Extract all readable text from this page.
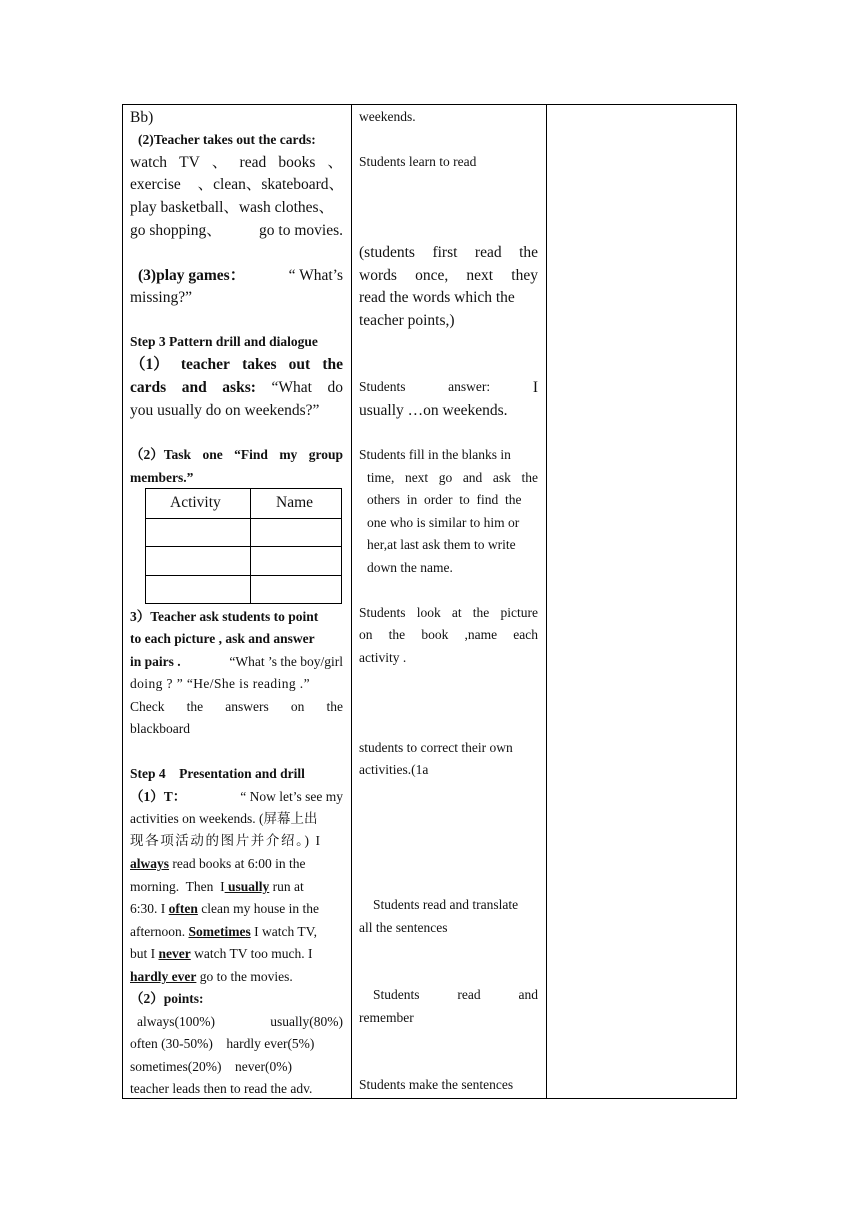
Bb)
(2)Teacher takes out the cards:
watch TV 、 read books 、
exercise 、clean、skateboard、
play basketball、wash clothes、
go shopping、 go to movies.
(3)play games：	“ What’s
missing?”
Step 3 Pattern drill and dialogue
（1） teacher takes out the
cards and asks: “What do
you usually do on weekends?”
（2）Task one “Find my group
members.”
3）Teacher ask students to point
to each picture , ask and answer
in pairs .	“What ’s the boy/girl
doing ? ” “He/She is reading .”
Check the answers on the
blackboard
Step 4    Presentation and drill
（1）T：	“ Now let’s see my
activities on weekends. (屏幕上出
现各项活动的图片并介绍。) I
always read books at 6:00 in the
morning.  Then  I usually run at
6:30. I often clean my house in the
afternoon. Sometimes I watch TV,
but I never watch TV too much. I
hardly ever go to the movies.
（2）points:
always(100%)	usually(80%)
often (30-50%)    hardly ever(5%)
sometimes(20%)    never(0%)
teacher leads then to read the adv.
Activity	Name
weekends.
Students learn to read
(students first read the
words once, next they
read the words which the
teacher points,)
Students	answer:	I
usually …on weekends.
Students fill in the blanks in
time, next go and ask the
others  in  order  to  find  the
one who is similar to him or
her,at last ask them to write
down the name.
Students look at the picture
on the book ,name each
activity .
students to correct their own
activities.(1a
Students read and translate
all the sentences
Students	read	and
remember
Students make the sentences
